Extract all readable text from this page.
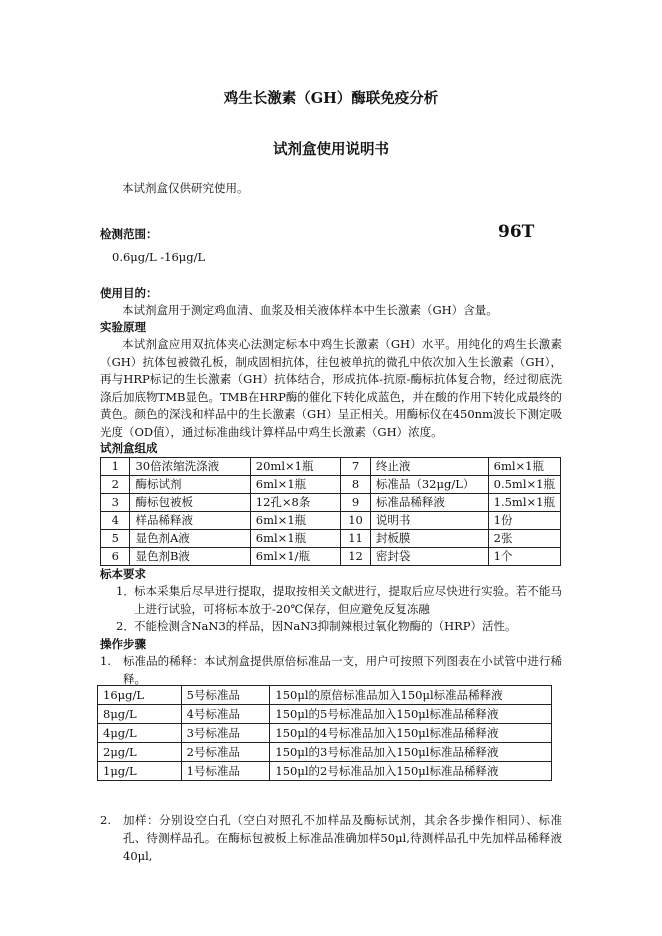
鸡生长激素（GH）酶联免疫分析
试剂盒使用说明书
本试剂盒仅供研究使用。
检测范围：	96T
0.6μg/L -16μg/L
使用目的：
本试剂盒用于测定鸡血清、血浆及相关液体样本中生长激素（GH）含量。
实验原理
本试剂盒应用双抗体夹心法测定标本中鸡生长激素（GH）水平。用纯化的鸡生长激素（GH）抗体包被微孔板，制成固相抗体，往包被单抗的微孔中依次加入生长激素（GH），再与HRP标记的生长激素（GH）抗体结合，形成抗体-抗原-酶标抗体复合物，经过彻底洗涤后加底物TMB显色。TMB在HRP酶的催化下转化成蓝色，并在酸的作用下转化成最终的黄色。颜色的深浅和样品中的生长激素（GH）呈正相关。用酶标仪在450nm波长下测定吸光度（OD值），通过标准曲线计算样品中鸡生长激素（GH）浓度。
试剂盒组成
1	30倍浓缩洗涤液	20ml×1瓶	7	终止液	6ml×1瓶
2	酶标试剂	6ml×1瓶	8	标准品（32μg/L）	0.5ml×1瓶
3	酶标包被板	12孔×8条	9	标准品稀释液	1.5ml×1瓶
4	样品稀释液	6ml×1瓶	10	说明书	1份
5	显色剂A液	6ml×1瓶	11	封板膜	2张
6	显色剂B液	6ml×1/瓶	12	密封袋	1个
标本要求
1． 标本采集后尽早进行提取，提取按相关文献进行，提取后应尽快进行实验。若不能马上进行试验，可将标本放于-20℃保存，但应避免反复冻融
2． 不能检测含NaN3的样品，因NaN3抑制辣根过氧化物酶的（HRP）活性。
操作步骤
1. 标准品的稀释：本试剂盒提供原倍标准品一支，用户可按照下列图表在小试管中进行稀释。
16μg/L	5号标准品	150μl的原倍标准品加入150μl标准品稀释液
8μg/L	4号标准品	150μl的5号标准品加入150μl标准品稀释液
4μg/L	3号标准品	150μl的4号标准品加入150μl标准品稀释液
2μg/L	2号标准品	150μl的3号标准品加入150μl标准品稀释液
1μg/L	1号标准品	150μl的2号标准品加入150μl标准品稀释液
2. 加样：分别设空白孔（空白对照孔不加样品及酶标试剂，其余各步操作相同）、标准孔、待测样品孔。在酶标包被板上标准品准确加样50μl,待测样品孔中先加样品稀释液40μl,
